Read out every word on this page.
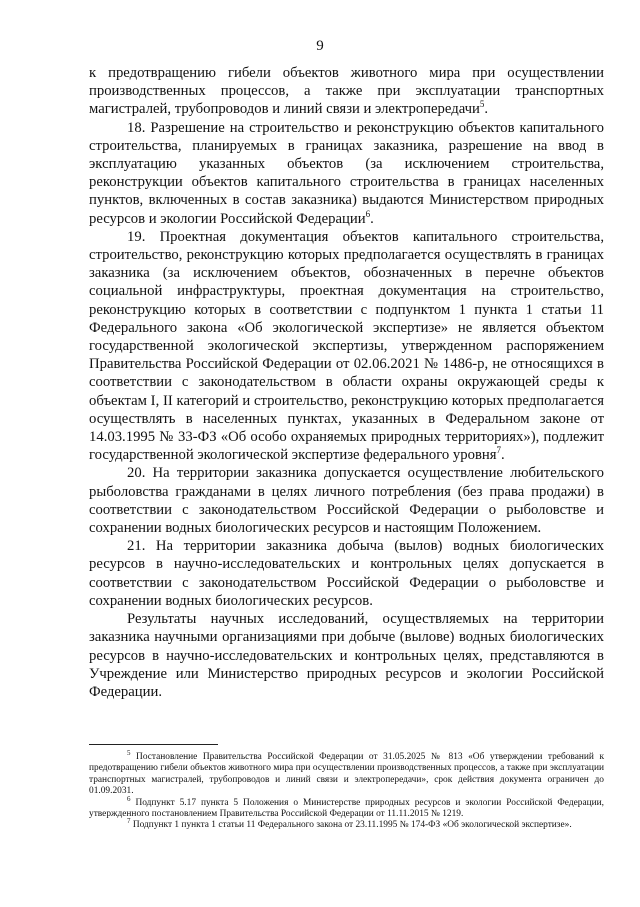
9

к предотвращению гибели объектов животного мира при осуществлении производственных процессов, а также при эксплуатации транспортных магистралей, трубопроводов и линий связи и электропередачи$^5$.

18. Разрешение на строительство и реконструкцию объектов капитального строительства, планируемых в границах заказника, разрешение на ввод в эксплуатацию указанных объектов (за исключением строительства, реконструкции объектов капитального строительства в границах населенных пунктов, включенных в состав заказника) выдаются Министерством природных ресурсов и экологии Российской Федерации$^6$.

19. Проектная документация объектов капитального строительства, строительство, реконструкцию которых предполагается осуществлять в границах заказника (за исключением объектов, обозначенных в перечне объектов социальной инфраструктуры, проектная документация на строительство, реконструкцию которых в соответствии с подпунктом 1 пункта 1 статьи 11 Федерального закона «Об экологической экспертизе» не является объектом государственной экологической экспертизы, утвержденном распоряжением Правительства Российской Федерации от 02.06.2021 № 1486-р, не относящихся в соответствии с законодательством в области охраны окружающей среды к объектам I, II категорий и строительство, реконструкцию которых предполагается осуществлять в населенных пунктах, указанных в Федеральном законе от 14.03.1995 № 33-ФЗ «Об особо охраняемых природных территориях»), подлежит государственной экологической экспертизе федерального уровня$^7$.

20. На территории заказника допускается осуществление любительского рыболовства гражданами в целях личного потребления (без права продажи) в соответствии с законодательством Российской Федерации о рыболовстве и сохранении водных биологических ресурсов и настоящим Положением.

21. На территории заказника добыча (вылов) водных биологических ресурсов в научно-исследовательских и контрольных целях допускается в соответствии с законодательством Российской Федерации о рыболовстве и сохранении водных биологических ресурсов.

Результаты научных исследований, осуществляемых на территории заказника научными организациями при добыче (вылове) водных биологических ресурсов в научно-исследовательских и контрольных целях, представляются в Учреждение или Министерство природных ресурсов и экологии Российской Федерации.

$^5$ Постановление Правительства Российской Федерации от 31.05.2025 № 813 «Об утверждении требований к предотвращению гибели объектов животного мира при осуществлении производственных процессов, а также при эксплуатации транспортных магистралей, трубопроводов и линий связи и электропередачи», срок действия документа ограничен до 01.09.2031.

$^6$ Подпункт 5.17 пункта 5 Положения о Министерстве природных ресурсов и экологии Российской Федерации, утвержденного постановлением Правительства Российской Федерации от 11.11.2015 № 1219.

$^7$ Подпункт 1 пункта 1 статьи 11 Федерального закона от 23.11.1995 № 174-ФЗ «Об экологической экспертизе».
